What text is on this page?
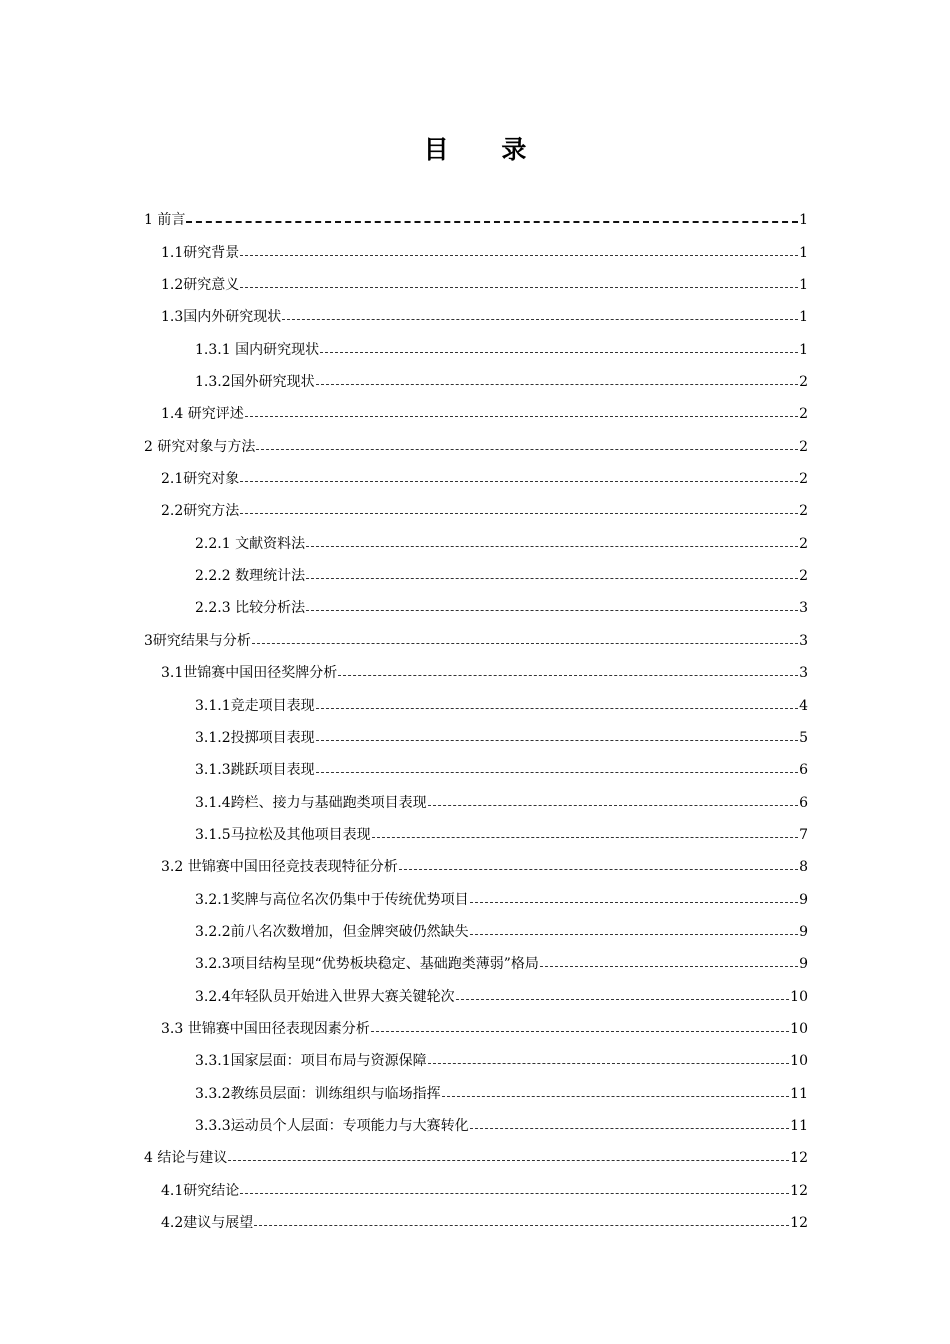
目 录
1 前言	1
1.1研究背景	1
1.2研究意义	1
1.3国内外研究现状	1
1.3.1 国内研究现状	1
1.3.2国外研究现状	2
1.4 研究评述	2
2 研究对象与方法	2
2.1研究对象	2
2.2研究方法	2
2.2.1 文献资料法	2
2.2.2 数理统计法	2
2.2.3 比较分析法	3
3研究结果与分析	3
3.1世锦赛中国田径奖牌分析	3
3.1.1竞走项目表现	4
3.1.2投掷项目表现	5
3.1.3跳跃项目表现	6
3.1.4跨栏、接力与基础跑类项目表现	6
3.1.5马拉松及其他项目表现	7
3.2 世锦赛中国田径竞技表现特征分析	8
3.2.1奖牌与高位名次仍集中于传统优势项目	9
3.2.2前八名次数增加，但金牌突破仍然缺失	9
3.2.3项目结构呈现“优势板块稳定、基础跑类薄弱”格局	9
3.2.4年轻队员开始进入世界大赛关键轮次	10
3.3 世锦赛中国田径表现因素分析	10
3.3.1国家层面：项目布局与资源保障	10
3.3.2教练员层面：训练组织与临场指挥	11
3.3.3运动员个人层面：专项能力与大赛转化	11
4 结论与建议	12
4.1研究结论	12
4.2建议与展望	12
